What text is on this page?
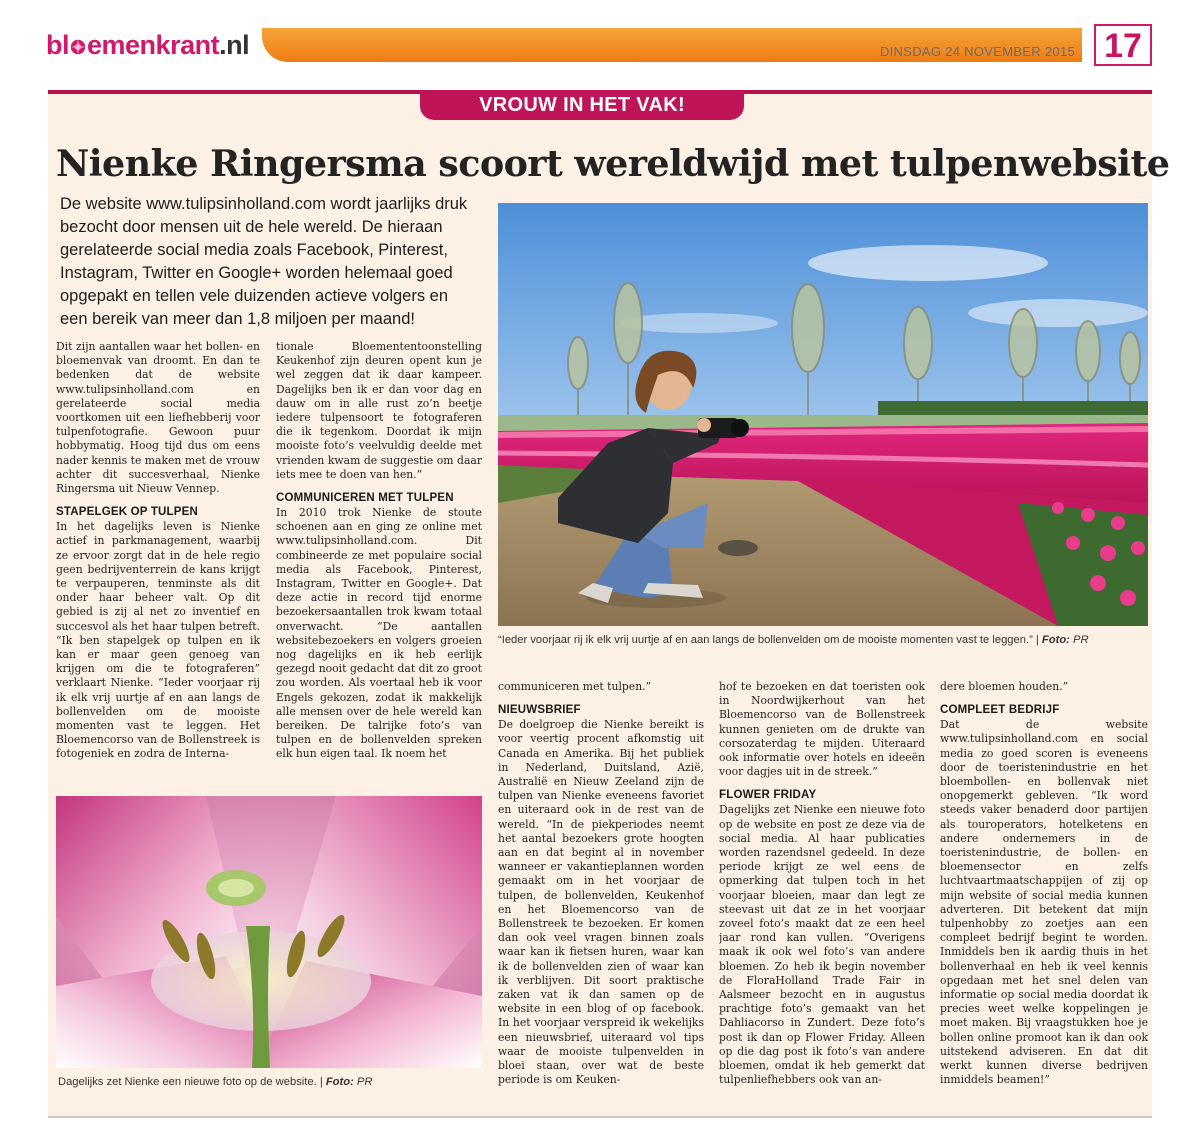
bl emenkrant.nl	DINSDAG 24 NOVEMBER 2015 17
VROUW IN HET VAK!
Nienke Ringersma scoort wereldwijd met tulpenwebsite

De website www.tulipsinholland.com wordt jaarlijks druk bezocht door mensen uit de hele wereld. De hieraan gerelateerde social media zoals Facebook, Pinterest, Instagram, Twitter en Google+ worden helemaal goed opgepakt en tellen vele duizenden actieve volgers en een bereik van meer dan 1,8 miljoen per maand!

Dit zijn aantallen waar het bollen- en bloemenvak van droomt. En dan te bedenken dat de website www.tulipsinholland.com en gerelateerde social media voortkomen uit een liefhebberij voor tulpenfotografie. Gewoon puur hobbymatig. Hoog tijd dus om eens nader kennis te maken met de vrouw achter dit succesverhaal, Nienke Ringersma uit Nieuw Vennep.

STAPELGEK OP TULPEN

In het dagelijks leven is Nienke actief in parkmanagement, waarbij ze ervoor zorgt dat in de hele regio geen bedrijventerrein de kans krijgt te verpauperen, tenminste als dit onder haar beheer valt. Op dit gebied is zij al net zo inventief en succesvol als het haar tulpen betreft. “Ik ben stapelgek op tulpen en ik kan er maar geen genoeg van krijgen om die te fotograferen” verklaart Nienke. “Ieder voorjaar rij ik elk vrij uurtje af en aan langs de bollenvelden om de mooiste momenten vast te leggen. Het Bloemencorso van de Bollenstreek is fotogeniek en zodra de Interna-

tionale Bloemententoonstelling Keukenhof zijn deuren opent kun je wel zeggen dat ik daar kampeer. Dagelijks ben ik er dan voor dag en dauw om in alle rust zo’n beetje iedere tulpensoort te fotograferen die ik tegenkom. Doordat ik mijn mooiste foto’s veelvuldig deelde met vrienden kwam de suggestie om daar iets mee te doen van hen.”

COMMUNICEREN MET TULPEN

In 2010 trok Nienke de stoute schoenen aan en ging ze online met www.tulipsinholland.com. Dit combineerde ze met populaire social media als Facebook, Pinterest, Instagram, Twitter en Google+. Dat deze actie in record tijd enorme bezoekersaantallen trok kwam totaal onverwacht. “De aantallen websitebezoekers en volgers groeien nog dagelijks en ik heb eerlijk gezegd nooit gedacht dat dit zo groot zou worden. Als voertaal heb ik voor Engels gekozen, zodat ik makkelijk alle mensen over de hele wereld kan bereiken. De talrijke foto’s van tulpen en de bollenvelden spreken elk hun eigen taal. Ik noem het

“Ieder voorjaar rij ik elk vrij uurtje af en aan langs de bollenvelden om de mooiste momenten vast te leggen.” | Foto: PR
Dagelijks zet Nienke een nieuwe foto op de website. | Foto: PR

communiceren met tulpen.”

NIEUWSBRIEF

De doelgroep die Nienke bereikt is voor veertig procent afkomstig uit Canada en Amerika. Bij het publiek in Nederland, Duitsland, Azië, Australië en Nieuw Zeeland zijn de tulpen van Nienke eveneens favoriet en uiteraard ook in de rest van de wereld. “In de piekperiodes neemt het aantal bezoekers grote hoogten aan en dat begint al in november wanneer er vakantieplannen worden gemaakt om in het voorjaar de tulpen, de bollenvelden, Keukenhof en het Bloemencorso van de Bollenstreek te bezoeken. Er komen dan ook veel vragen binnen zoals waar kan ik fietsen huren, waar kan ik de bollenvelden zien of waar kan ik verblijven. Dit soort praktische zaken vat ik dan samen op de website in een blog of op facebook. In het voorjaar verspreid ik wekelijks een nieuwsbrief, uiteraard vol tips waar de mooiste tulpenvelden in bloei staan, over wat de beste periode is om Keuken-

hof te bezoeken en dat toeristen ook in Noordwijkerhout van het Bloemencorso van de Bollenstreek kunnen genieten om de drukte van corsozaterdag te mijden. Uiteraard ook informatie over hotels en ideeën voor dagjes uit in de streek.”

FLOWER FRIDAY

Dagelijks zet Nienke een nieuwe foto op de website en post ze deze via de social media. Al haar publicaties worden razendsnel gedeeld. In deze periode krijgt ze wel eens de opmerking dat tulpen toch in het voorjaar bloeien, maar dan legt ze steevast uit dat ze in het voorjaar zoveel foto’s maakt dat ze een heel jaar rond kan vullen. “Overigens maak ik ook wel foto’s van andere bloemen. Zo heb ik begin november de FloraHolland Trade Fair in Aalsmeer bezocht en in augustus prachtige foto’s gemaakt van het Dahliacorso in Zundert. Deze foto’s post ik dan op Flower Friday. Alleen op die dag post ik foto’s van andere bloemen, omdat ik heb gemerkt dat tulpenliefhebbers ook van an-

dere bloemen houden.”

COMPLEET BEDRIJF

Dat de website www.tulipsinholland.com en social media zo goed scoren is eveneens door de toeristenindustrie en het bloembollen- en bollenvak niet onopgemerkt gebleven. “Ik word steeds vaker benaderd door partijen als touroperators, hotelketens en andere ondernemers in de toeristenindustrie, de bollen- en bloemensector en zelfs luchtvaartmaatschappijen of zij op mijn website of social media kunnen adverteren. Dit betekent dat mijn tulpenhobby zo zoetjes aan een compleet bedrijf begint te worden. Inmiddels ben ik aardig thuis in het bollenverhaal en heb ik veel kennis opgedaan met het snel delen van informatie op social media doordat ik precies weet welke koppelingen je moet maken. Bij vraagstukken hoe je bollen online promoot kan ik dan ook uitstekend adviseren. En dat dit werkt kunnen diverse bedrijven inmiddels beamen!”
